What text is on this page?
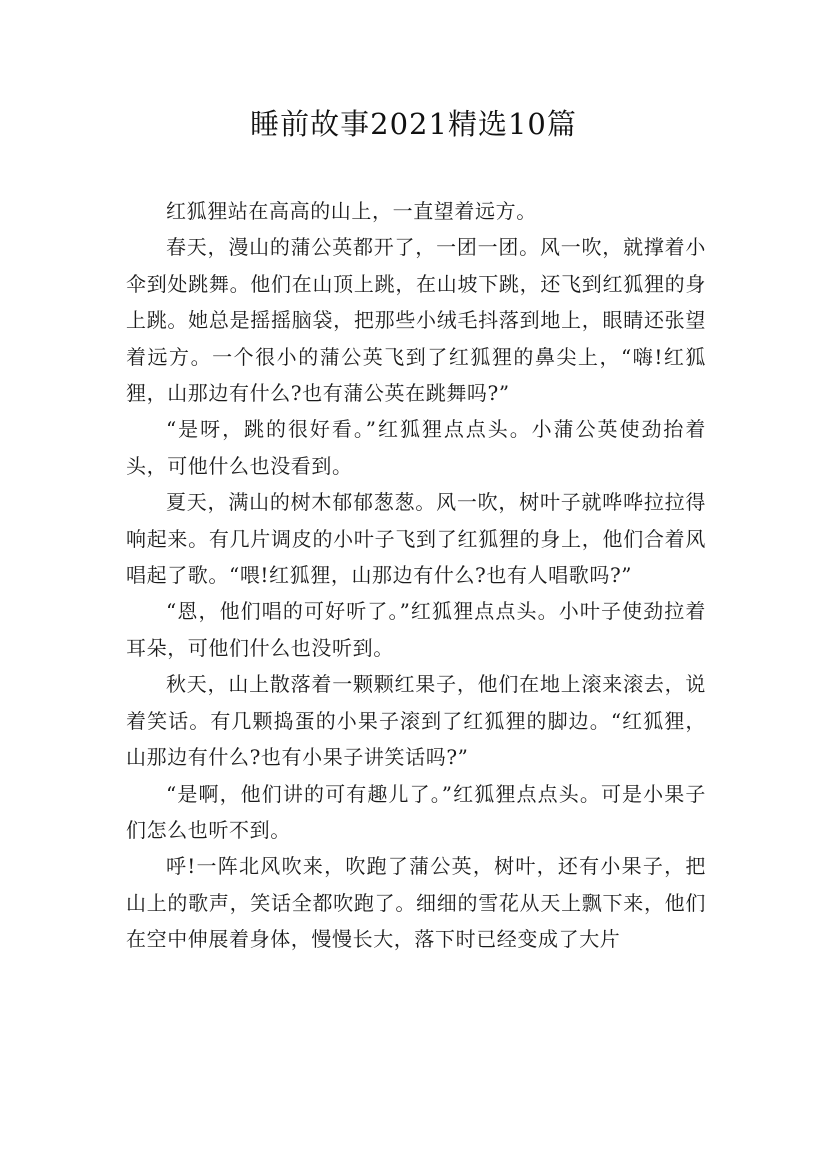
睡前故事2021精选10篇

红狐狸站在高高的山上，一直望着远方。

春天，漫山的蒲公英都开了，一团一团。风一吹，就撑着小伞到处跳舞。他们在山顶上跳，在山坡下跳，还飞到红狐狸的身上跳。她总是摇摇脑袋，把那些小绒毛抖落到地上，眼睛还张望着远方。一个很小的蒲公英飞到了红狐狸的鼻尖上，“嗨!红狐狸，山那边有什么?也有蒲公英在跳舞吗?”

“是呀，跳的很好看。”红狐狸点点头。小蒲公英使劲抬着头，可他什么也没看到。

夏天，满山的树木郁郁葱葱。风一吹，树叶子就哗哗拉拉得响起来。有几片调皮的小叶子飞到了红狐狸的身上，他们合着风唱起了歌。“喂!红狐狸，山那边有什么?也有人唱歌吗?”

“恩，他们唱的可好听了。”红狐狸点点头。小叶子使劲拉着耳朵，可他们什么也没听到。

秋天，山上散落着一颗颗红果子，他们在地上滚来滚去，说着笑话。有几颗捣蛋的小果子滚到了红狐狸的脚边。“红狐狸，山那边有什么?也有小果子讲笑话吗?”

“是啊，他们讲的可有趣儿了。”红狐狸点点头。可是小果子们怎么也听不到。

呼!一阵北风吹来，吹跑了蒲公英，树叶，还有小果子，把山上的歌声，笑话全都吹跑了。细细的雪花从天上飘下来，他们在空中伸展着身体，慢慢长大，落下时已经变成了大片
